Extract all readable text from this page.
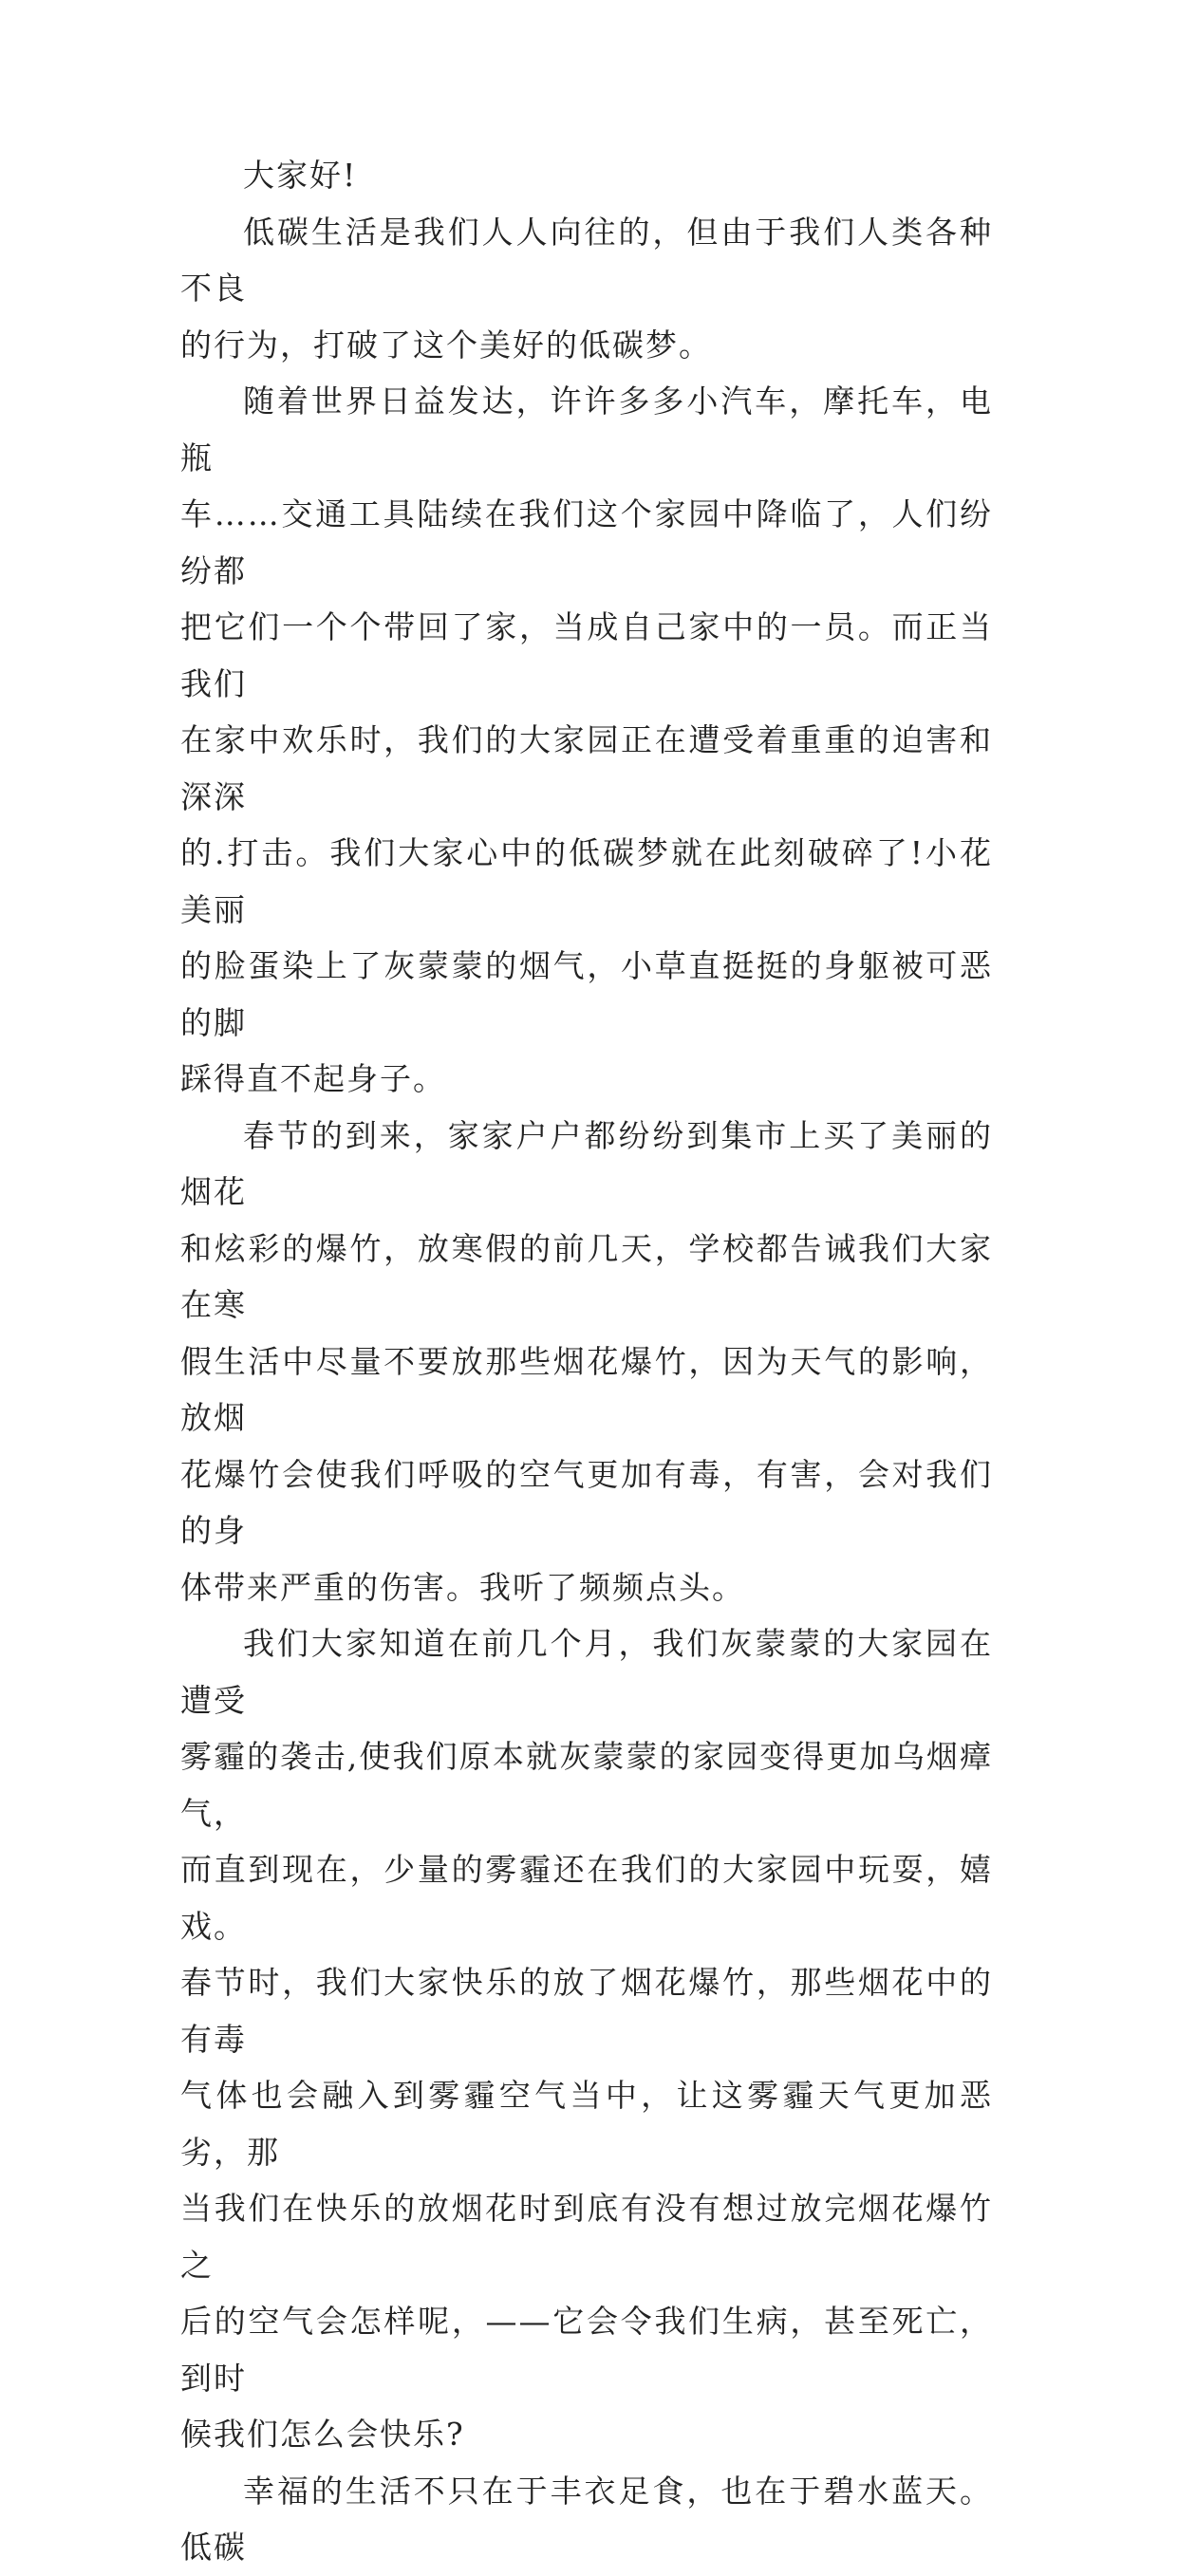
大家好!

低碳生活是我们人人向往的，但由于我们人类各种不良
的行为，打破了这个美好的低碳梦。

随着世界日益发达，许许多多小汽车，摩托车，电瓶
车……交通工具陆续在我们这个家园中降临了，人们纷纷都
把它们一个个带回了家，当成自己家中的一员。而正当我们
在家中欢乐时，我们的大家园正在遭受着重重的迫害和深深
的.打击。我们大家心中的低碳梦就在此刻破碎了!小花美丽
的脸蛋染上了灰蒙蒙的烟气，小草直挺挺的身躯被可恶的脚
踩得直不起身子。

春节的到来，家家户户都纷纷到集市上买了美丽的烟花
和炫彩的爆竹，放寒假的前几天，学校都告诫我们大家在寒
假生活中尽量不要放那些烟花爆竹，因为天气的影响，放烟
花爆竹会使我们呼吸的空气更加有毒，有害，会对我们的身
体带来严重的伤害。我听了频频点头。

我们大家知道在前几个月，我们灰蒙蒙的大家园在遭受
雾霾的袭击,使我们原本就灰蒙蒙的家园变得更加乌烟瘴气，
而直到现在，少量的雾霾还在我们的大家园中玩耍，嬉戏。
春节时，我们大家快乐的放了烟花爆竹，那些烟花中的有毒
气体也会融入到雾霾空气当中，让这雾霾天气更加恶劣，那
当我们在快乐的放烟花时到底有没有想过放完烟花爆竹之
后的空气会怎样呢，——它会令我们生病，甚至死亡，到时
候我们怎么会快乐?

幸福的生活不只在于丰衣足食，也在于碧水蓝天。低碳
